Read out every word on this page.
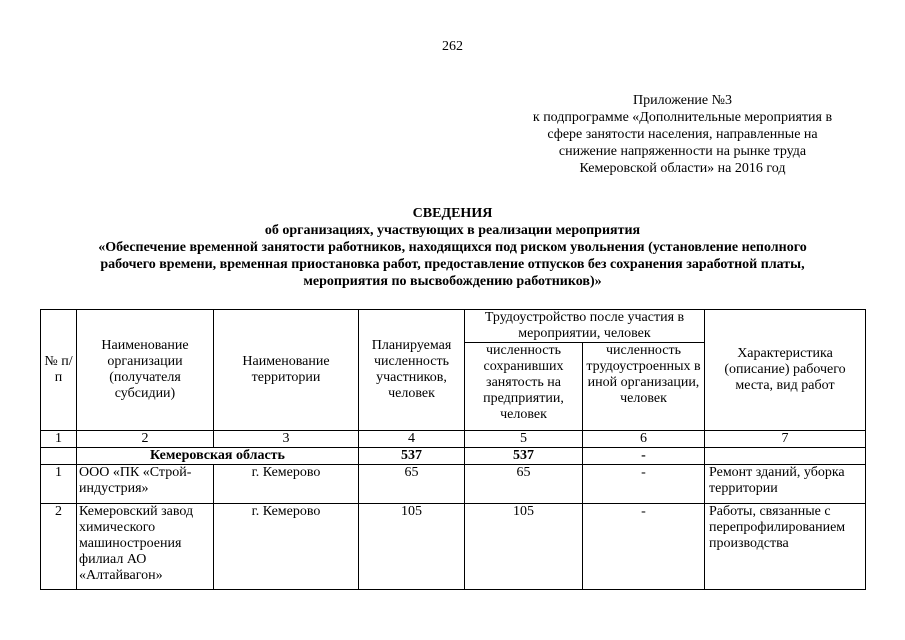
262
Приложение №3
к подпрограмме «Дополнительные мероприятия в
сфере занятости населения, направленные на
снижение напряженности на рынке труда
Кемеровской области» на 2016 год
СВЕДЕНИЯ
об организациях, участвующих в реализации мероприятия
«Обеспечение временной занятости работников, находящихся под риском увольнения (установление неполного
рабочего времени, временная приостановка работ, предоставление отпусков без сохранения заработной платы,
мероприятия по высвобождению работников)»
№ п/п	Наименование организации (получателя субсидии)	Наименование территории	Планируемая численность участников, человек	Трудоустройство после участия в мероприятии, человек		Характеристика (описание) рабочего места, вид работ
				численность сохранивших занятость на предприятии, человек	численность трудоустроенных в иной организации, человек	
1	2	3	4	5	6	7
	Кемеровская область		537	537	-	
1	ООО «ПК «Строй-индустрия»	г. Кемерово	65	65	-	Ремонт зданий, уборка территории
2	Кемеровский завод химического машиностроения филиал АО «Алтайвагон»	г. Кемерово	105	105	-	Работы, связанные с перепрофилированием производства
